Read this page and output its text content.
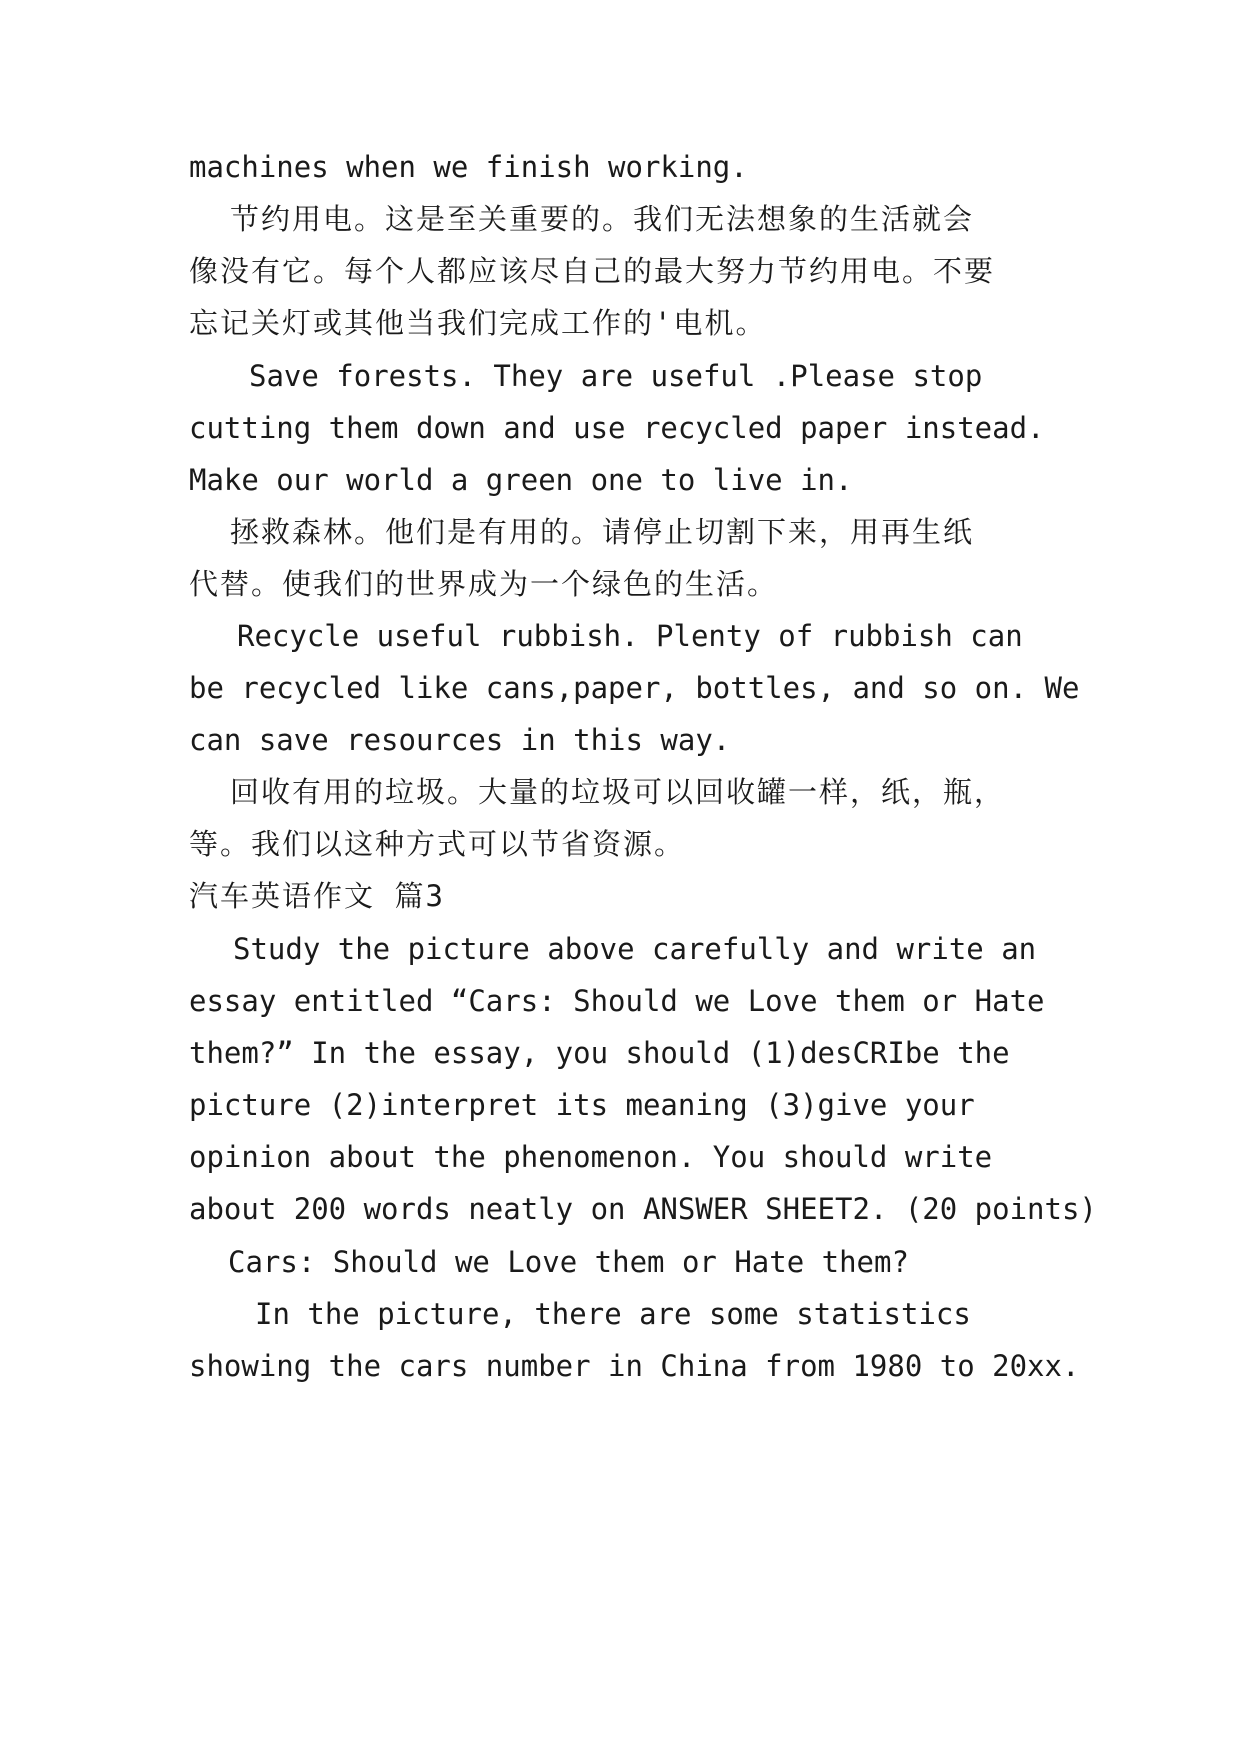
machines when we finish working.
节约用电。这是至关重要的。我们无法想象的生活就会
像没有它。每个人都应该尽自己的最大努力节约用电。不要
忘记关灯或其他当我们完成工作的'电机。
Save forests. They are useful .Please stop
cutting them down and use recycled paper instead.
Make our world a green one to live in.
拯救森林。他们是有用的。请停止切割下来，用再生纸
代替。使我们的世界成为一个绿色的生活。
Recycle useful rubbish. Plenty of rubbish can
be recycled like cans,paper, bottles, and so on. We
can save resources in this way.
回收有用的垃圾。大量的垃圾可以回收罐一样，纸，瓶，
等。我们以这种方式可以节省资源。
汽车英语作文 篇3
Study the picture above carefully and write an
essay entitled “Cars: Should we Love them or Hate
them?” In the essay, you should (1)desCRIbe the
picture (2)interpret its meaning (3)give your
opinion about the phenomenon. You should write
about 200 words neatly on ANSWER SHEET2. (20 points)
Cars: Should we Love them or Hate them?
In the picture, there are some statistics
showing the cars number in China from 1980 to 20xx.
